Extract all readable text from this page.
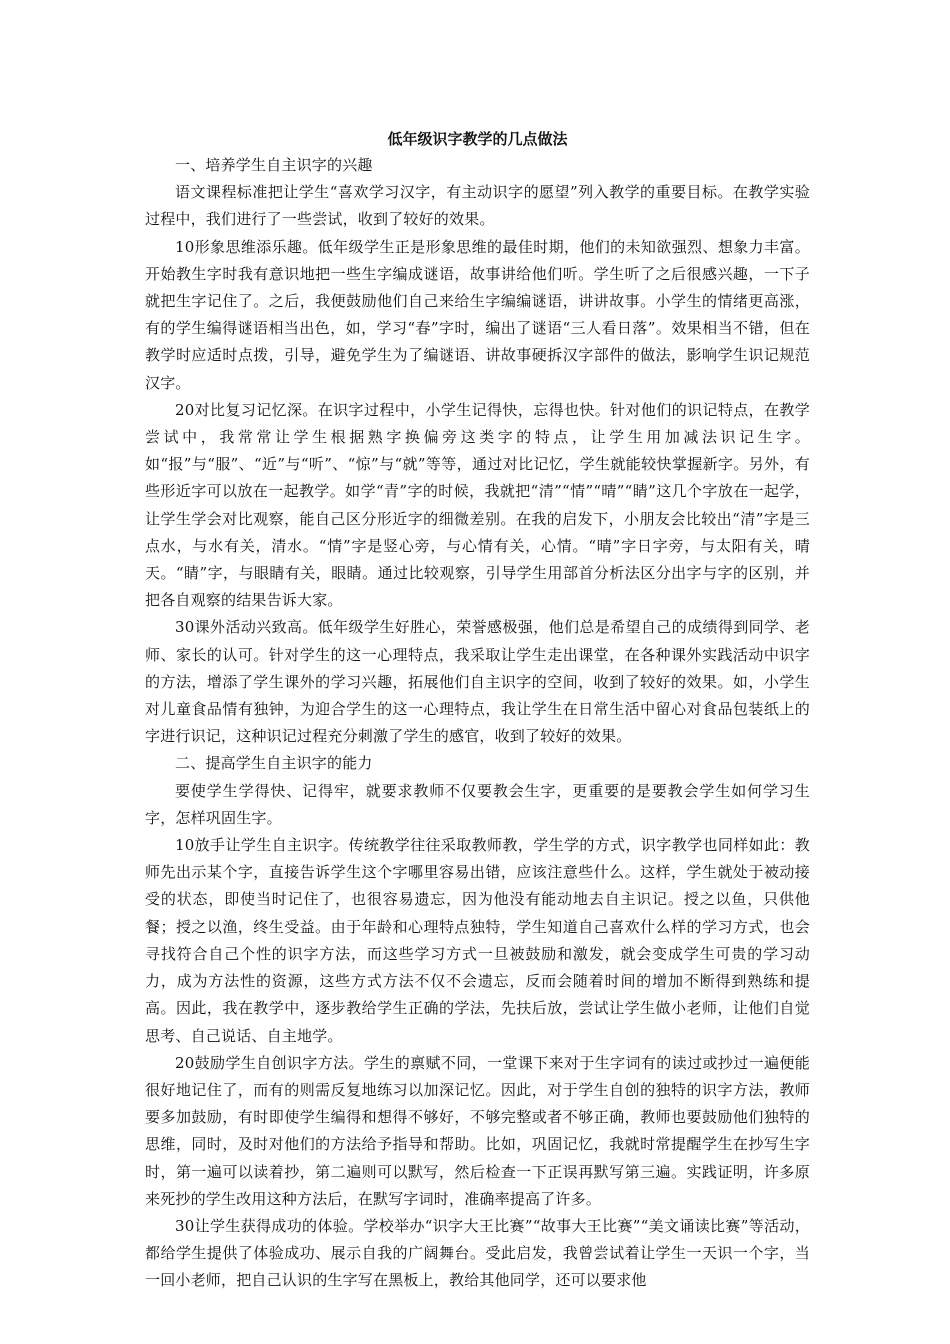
低年级识字教学的几点做法

一、培养学生自主识字的兴趣

语文课程标准把让学生“喜欢学习汉字，有主动识字的愿望”列入教学的重要目标。在教学实验过程中，我们进行了一些尝试，收到了较好的效果。

10形象思维添乐趣。低年级学生正是形象思维的最佳时期，他们的未知欲强烈、想象力丰富。开始教生字时我有意识地把一些生字编成谜语，故事讲给他们听。学生听了之后很感兴趣，一下子就把生字记住了。之后，我便鼓励他们自己来给生字编编谜语，讲讲故事。小学生的情绪更高涨，有的学生编得谜语相当出色，如，学习“春”字时，编出了谜语“三人看日落”。效果相当不错，但在教学时应适时点拨，引导，避免学生为了编谜语、讲故事硬拆汉字部件的做法，影响学生识记规范汉字。

20对比复习记忆深。在识字过程中，小学生记得快，忘得也快。针对他们的识记特点，在教学尝试中，我常常让学生根据熟字换偏旁这类字的特点，让学生用加减法识记生字。如“报”与“服”、“近”与“听”、“惊”与“就”等等，通过对比记忆，学生就能较快掌握新字。另外，有些形近字可以放在一起教学。如学“青”字的时候，我就把“清”“情”“晴”“睛”这几个字放在一起学，让学生学会对比观察，能自己区分形近字的细微差别。在我的启发下，小朋友会比较出“清”字是三点水，与水有关，清水。“情”字是竖心旁，与心情有关，心情。“晴”字日字旁，与太阳有关，晴天。“睛”字，与眼睛有关，眼睛。通过比较观察，引导学生用部首分析法区分出字与字的区别，并把各自观察的结果告诉大家。

30课外活动兴致高。低年级学生好胜心，荣誉感极强，他们总是希望自己的成绩得到同学、老师、家长的认可。针对学生的这一心理特点，我采取让学生走出课堂，在各种课外实践活动中识字的方法，增添了学生课外的学习兴趣，拓展他们自主识字的空间，收到了较好的效果。如，小学生对儿童食品情有独钟，为迎合学生的这一心理特点，我让学生在日常生活中留心对食品包装纸上的字进行识记，这种识记过程充分刺激了学生的感官，收到了较好的效果。

二、提高学生自主识字的能力

要使学生学得快、记得牢，就要求教师不仅要教会生字，更重要的是要教会学生如何学习生字，怎样巩固生字。

10放手让学生自主识字。传统教学往往采取教师教，学生学的方式，识字教学也同样如此：教师先出示某个字，直接告诉学生这个字哪里容易出错，应该注意些什么。这样，学生就处于被动接受的状态，即使当时记住了，也很容易遗忘，因为他没有能动地去自主识记。授之以鱼，只供他餐；授之以渔，终生受益。由于年龄和心理特点独特，学生知道自己喜欢什么样的学习方式，也会寻找符合自己个性的识字方法，而这些学习方式一旦被鼓励和激发，就会变成学生可贵的学习动力，成为方法性的资源，这些方式方法不仅不会遗忘，反而会随着时间的增加不断得到熟练和提高。因此，我在教学中，逐步教给学生正确的学法，先扶后放，尝试让学生做小老师，让他们自觉思考、自己说话、自主地学。

20鼓励学生自创识字方法。学生的禀赋不同，一堂课下来对于生字词有的读过或抄过一遍便能很好地记住了，而有的则需反复地练习以加深记忆。因此，对于学生自创的独特的识字方法，教师要多加鼓励，有时即使学生编得和想得不够好，不够完整或者不够正确，教师也要鼓励他们独特的思维，同时，及时对他们的方法给予指导和帮助。比如，巩固记忆，我就时常提醒学生在抄写生字时，第一遍可以读着抄，第二遍则可以默写，然后检查一下正误再默写第三遍。实践证明，许多原来死抄的学生改用这种方法后，在默写字词时，准确率提高了许多。

30让学生获得成功的体验。学校举办“识字大王比赛”“故事大王比赛”“美文诵读比赛”等活动，都给学生提供了体验成功、展示自我的广阔舞台。受此启发，我曾尝试着让学生一天识一个字，当一回小老师，把自己认识的生字写在黑板上，教给其他同学，还可以要求他
